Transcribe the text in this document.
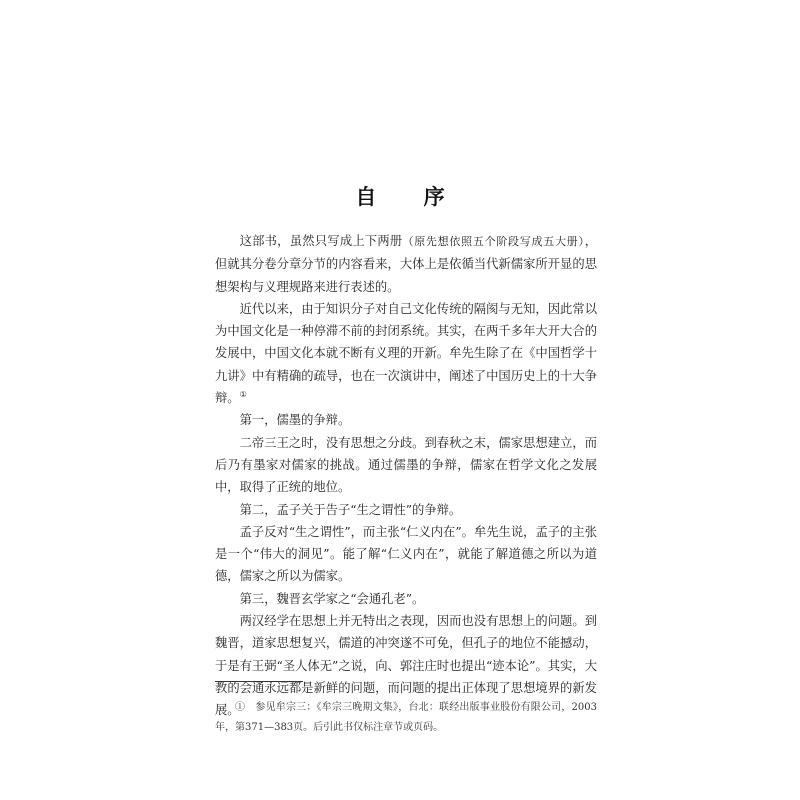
自 序

这部书，虽然只写成上下两册（原先想依照五个阶段写成五大册），但就其分卷分章分节的内容看来，大体上是依循当代新儒家所开显的思想架构与义理规路来进行表述的。

近代以来，由于知识分子对自己文化传统的隔阂与无知，因此常以为中国文化是一种停滞不前的封闭系统。其实，在两千多年大开大合的发展中，中国文化本就不断有义理的开新。牟先生除了在《中国哲学十九讲》中有精确的疏导，也在一次演讲中，阐述了中国历史上的十大争辩。①

第一，儒墨的争辩。

二帝三王之时，没有思想之分歧。到春秋之末，儒家思想建立，而后乃有墨家对儒家的挑战。通过儒墨的争辩，儒家在哲学文化之发展中，取得了正统的地位。

第二，孟子关于告子“生之谓性”的争辩。

孟子反对“生之谓性”，而主张“仁义内在”。牟先生说，孟子的主张是一个“伟大的洞见”。能了解“仁义内在”，就能了解道德之所以为道德，儒家之所以为儒家。

第三，魏晋玄学家之“会通孔老”。

两汉经学在思想上并无特出之表现，因而也没有思想上的问题。到魏晋，道家思想复兴，儒道的冲突遂不可免，但孔子的地位不能撼动，于是有王弼“圣人体无”之说，向、郭注庄时也提出“迹本论”。其实，大教的会通永远都是新鲜的问题，而问题的提出正体现了思想境界的新发展。

①　参见牟宗三：《牟宗三晚期文集》，台北：联经出版事业股份有限公司，2003年，第371—383页。后引此书仅标注章节或页码。
